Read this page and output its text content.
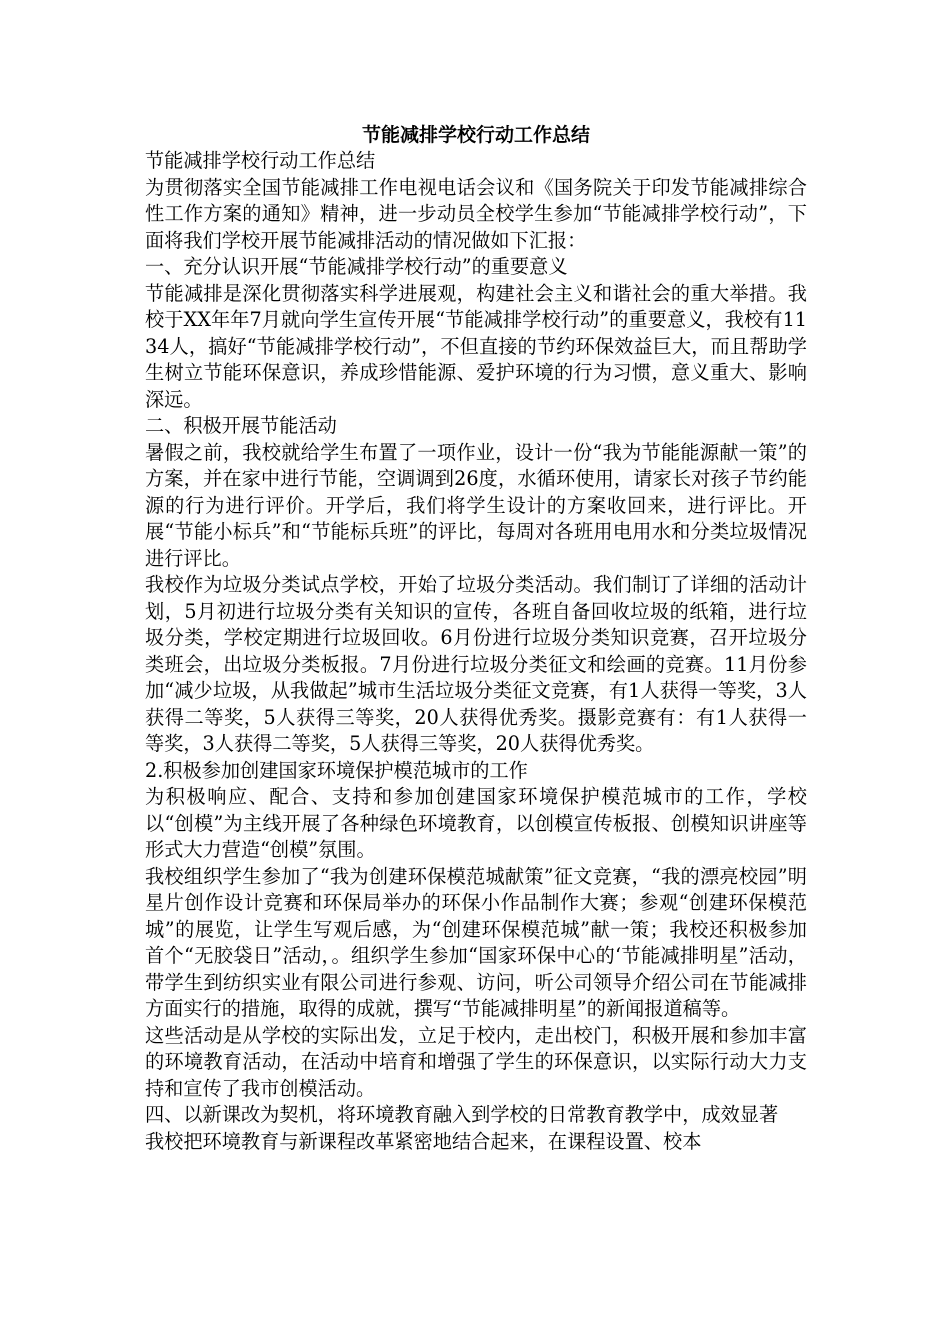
节能减排学校行动工作总结

节能减排学校行动工作总结

为贯彻落实全国节能减排工作电视电话会议和《国务院关于印发节能减排综合性工作方案的通知》精神，进一步动员全校学生参加“节能减排学校行动”，下面将我们学校开展节能减排活动的情况做如下汇报：

一、充分认识开展“节能减排学校行动”的重要意义

节能减排是深化贯彻落实科学进展观，构建社会主义和谐社会的重大举措。我校于XX年年7月就向学生宣传开展“节能减排学校行动”的重要意义，我校有1134人，搞好“节能减排学校行动”，不但直接的节约环保效益巨大，而且帮助学生树立节能环保意识，养成珍惜能源、爱护环境的行为习惯，意义重大、影响深远。

二、积极开展节能活动

暑假之前，我校就给学生布置了一项作业，设计一份“我为节能能源献一策”的方案，并在家中进行节能，空调调到26度，水循环使用，请家长对孩子节约能源的行为进行评价。开学后，我们将学生设计的方案收回来，进行评比。开展“节能小标兵”和“节能标兵班”的评比，每周对各班用电用水和分类垃圾情况进行评比。

我校作为垃圾分类试点学校，开始了垃圾分类活动。我们制订了详细的活动计划，5月初进行垃圾分类有关知识的宣传，各班自备回收垃圾的纸箱，进行垃圾分类，学校定期进行垃圾回收。6月份进行垃圾分类知识竞赛，召开垃圾分类班会，出垃圾分类板报。7月份进行垃圾分类征文和绘画的竞赛。11月份参加“减少垃圾，从我做起”城市生活垃圾分类征文竞赛，有1人获得一等奖，3人获得二等奖，5人获得三等奖，20人获得优秀奖。摄影竞赛有：有1人获得一等奖，3人获得二等奖，5人获得三等奖，20人获得优秀奖。

2.积极参加创建国家环境保护模范城市的工作

为积极响应、配合、支持和参加创建国家环境保护模范城市的工作，学校以“创模”为主线开展了各种绿色环境教育，以创模宣传板报、创模知识讲座等形式大力营造“创模”氛围。

我校组织学生参加了“我为创建环保模范城献策”征文竞赛，“我的漂亮校园”明星片创作设计竞赛和环保局举办的环保小作品制作大赛；参观“创建环保模范城”的展览，让学生写观后感，为“创建环保模范城”献一策；我校还积极参加首个“无胶袋日”活动，。组织学生参加“国家环保中心的‘节能减排明星”活动，带学生到纺织实业有限公司进行参观、访问，听公司领导介绍公司在节能减排方面实行的措施，取得的成就，撰写“节能减排明星”的新闻报道稿等。

这些活动是从学校的实际出发，立足于校内，走出校门，积极开展和参加丰富的环境教育活动，在活动中培育和增强了学生的环保意识，以实际行动大力支持和宣传了我市创模活动。

四、以新课改为契机，将环境教育融入到学校的日常教育教学中，成效显著

我校把环境教育与新课程改革紧密地结合起来，在课程设置、校本
